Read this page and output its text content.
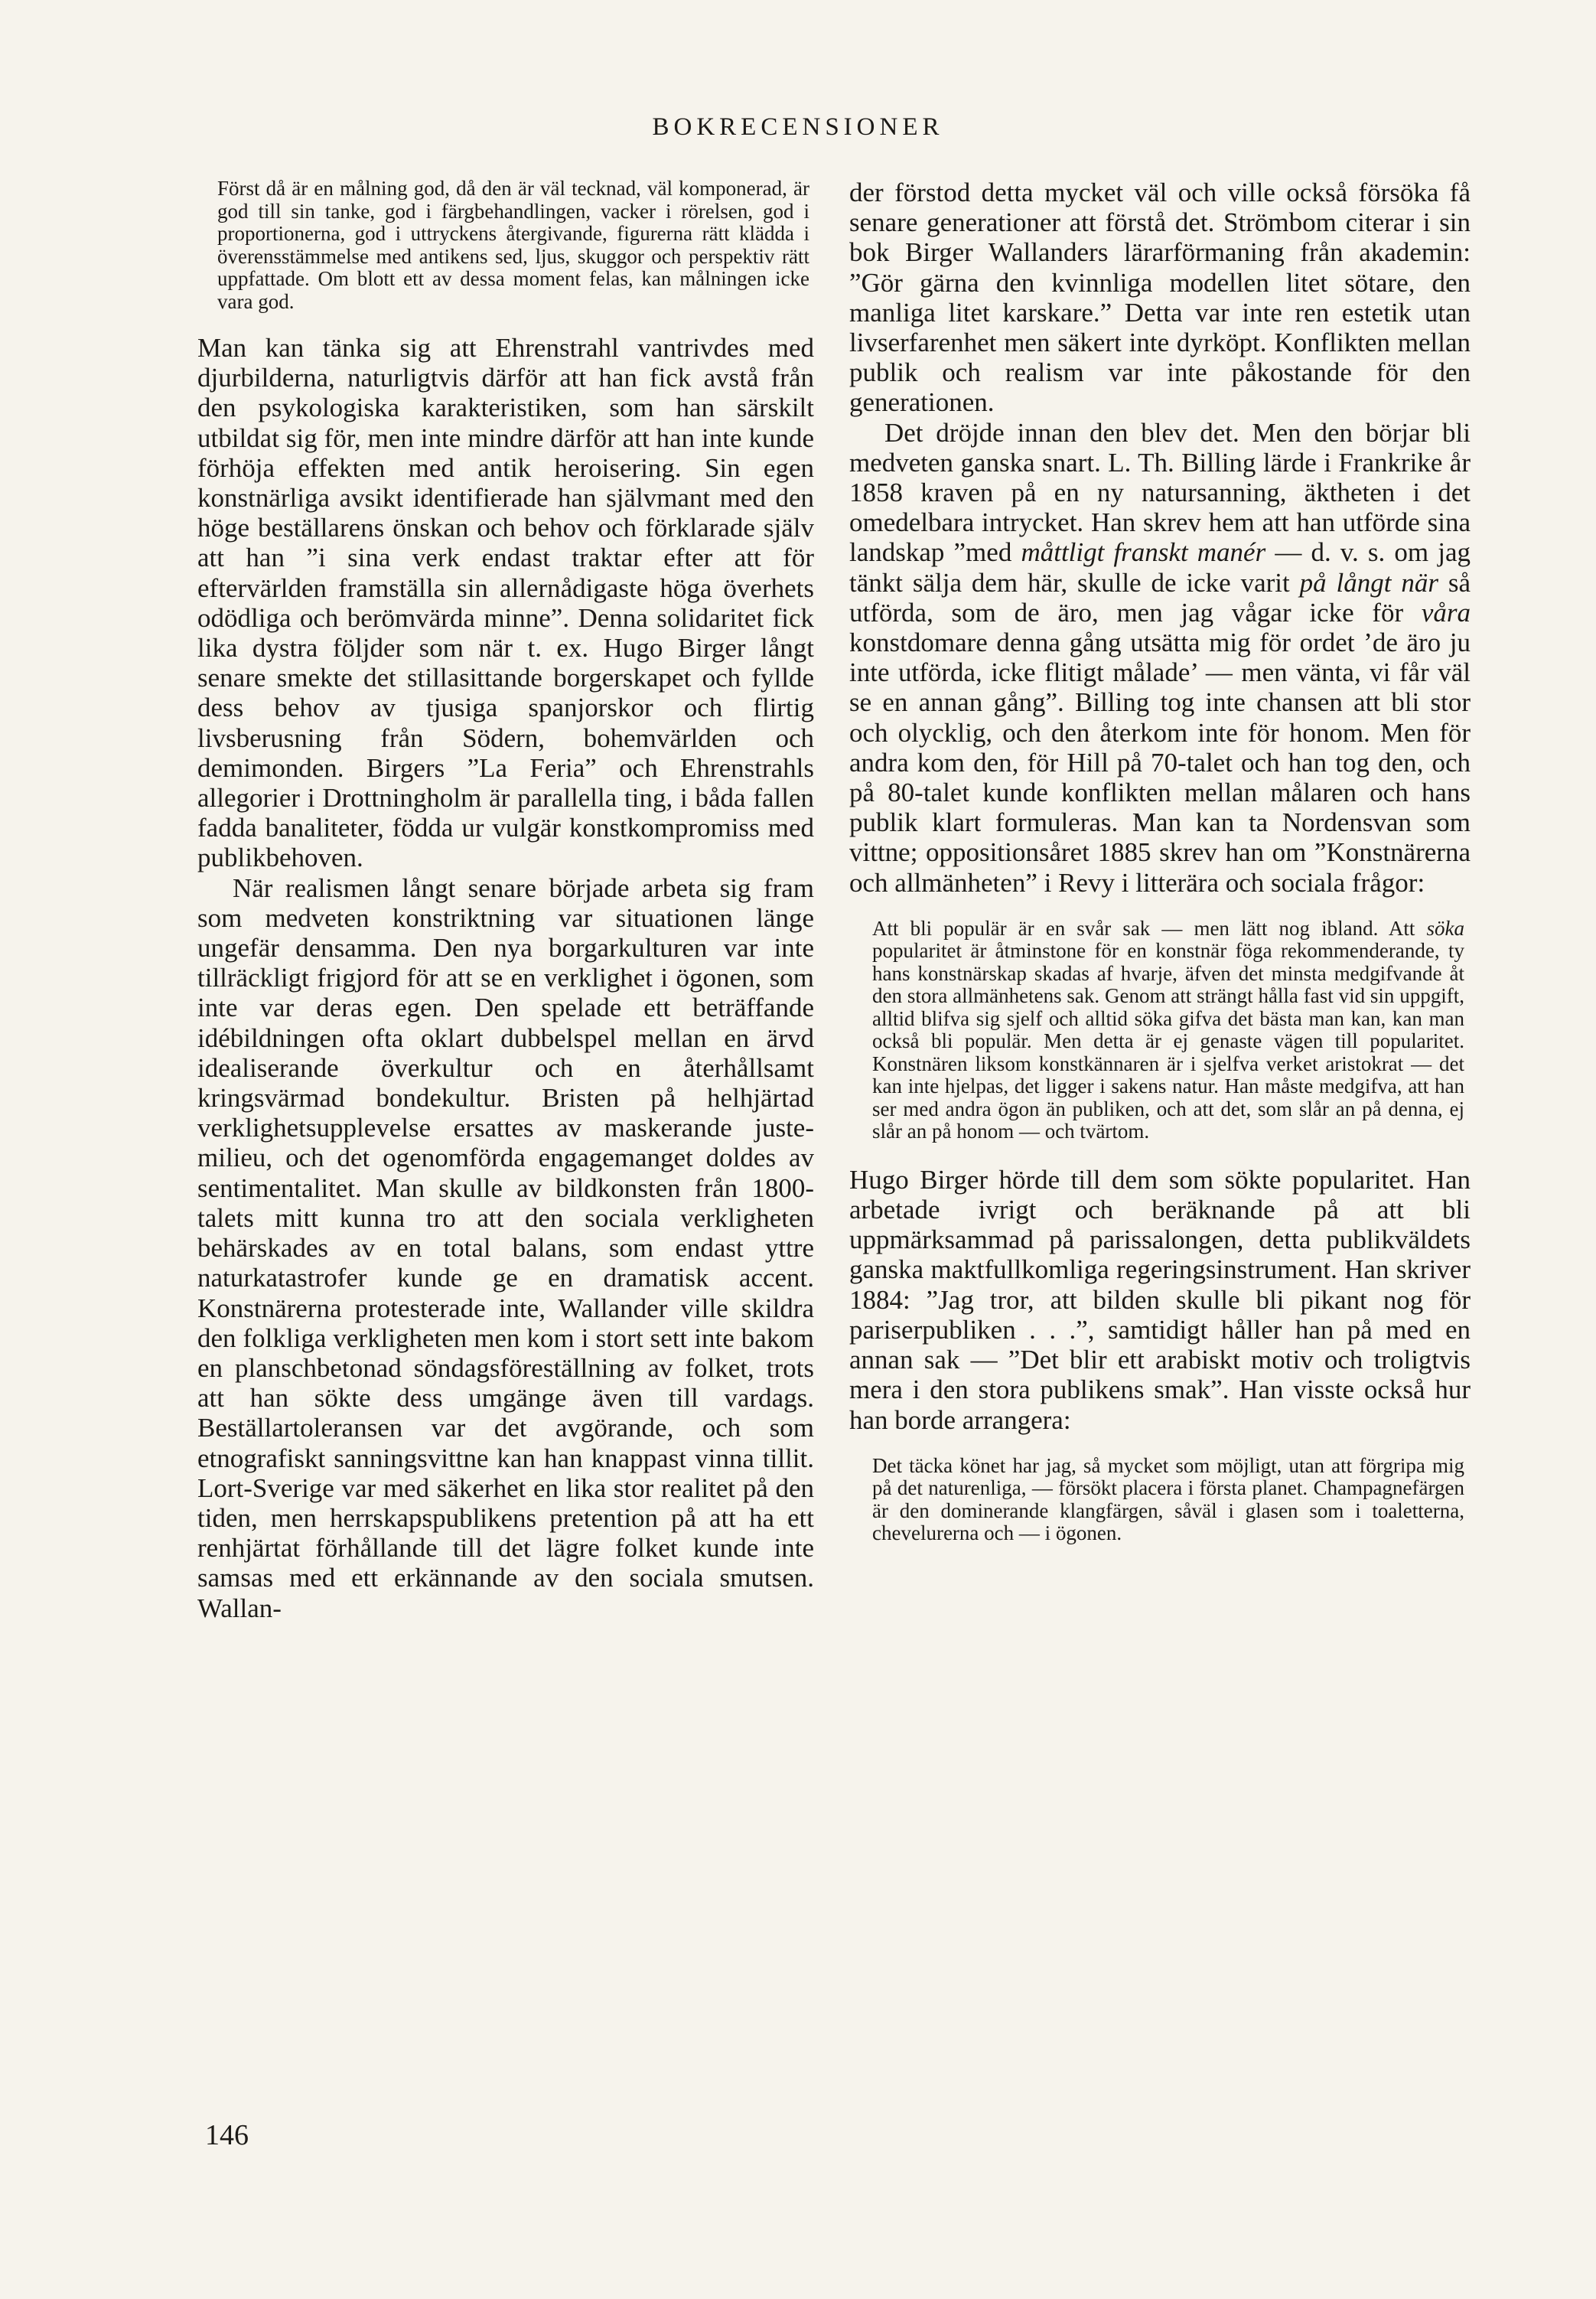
BOKRECENSIONER

Först då är en målning god, då den är väl tecknad, väl komponerad, är god till sin tanke, god i färgbehandlingen, vacker i rörelsen, god i proportionerna, god i uttryckens återgivande, figurerna rätt klädda i överensstämmelse med antikens sed, ljus, skuggor och perspektiv rätt uppfattade. Om blott ett av dessa moment felas, kan målningen icke vara god.

Man kan tänka sig att Ehrenstrahl vantrivdes med djurbilderna, naturligtvis därför att han fick avstå från den psykologiska karakteristiken, som han särskilt utbildat sig för, men inte mindre därför att han inte kunde förhöja effekten med antik heroisering. Sin egen konstnärliga avsikt identifierade han självmant med den höge beställarens önskan och behov och förklarade själv att han ”i sina verk endast traktar efter att för eftervärlden framställa sin allernådigaste höga överhets odödliga och berömvärda minne”. Denna solidaritet fick lika dystra följder som när t. ex. Hugo Birger långt senare smekte det stillasittande borgerskapet och fyllde dess behov av tjusiga spanjorskor och flirtig livsberusning från Södern, bohemvärlden och demimonden. Birgers ”La Feria” och Ehrenstrahls allegorier i Drottningholm är parallella ting, i båda fallen fadda banaliteter, födda ur vulgär konstkompromiss med publikbehoven.

När realismen långt senare började arbeta sig fram som medveten konstriktning var situationen länge ungefär densamma. Den nya borgarkulturen var inte tillräckligt frigjord för att se en verklighet i ögonen, som inte var deras egen. Den spelade ett beträffande idébildningen ofta oklart dubbelspel mellan en ärvd idealiserande överkultur och en återhållsamt kringsvärmad bondekultur. Bristen på helhjärtad verklighetsupplevelse ersattes av maskerande juste-milieu, och det ogenomförda engagemanget doldes av sentimentalitet. Man skulle av bildkonsten från 1800-talets mitt kunna tro att den sociala verkligheten behärskades av en total balans, som endast yttre naturkatastrofer kunde ge en dramatisk accent. Konstnärerna protesterade inte, Wallander ville skildra den folkliga verkligheten men kom i stort sett inte bakom en planschbetonad söndagsföreställning av folket, trots att han sökte dess umgänge även till vardags. Beställartoleransen var det avgörande, och som etnografiskt sanningsvittne kan han knappast vinna tillit. Lort-Sverige var med säkerhet en lika stor realitet på den tiden, men herrskapspublikens pretention på att ha ett renhjärtat förhållande till det lägre folket kunde inte samsas med ett erkännande av den sociala smutsen. Wallan-

der förstod detta mycket väl och ville också försöka få senare generationer att förstå det. Strömbom citerar i sin bok Birger Wallanders lärarförmaning från akademin: ”Gör gärna den kvinnliga modellen litet sötare, den manliga litet karskare.” Detta var inte ren estetik utan livserfarenhet men säkert inte dyrköpt. Konflikten mellan publik och realism var inte påkostande för den generationen.

Det dröjde innan den blev det. Men den börjar bli medveten ganska snart. L. Th. Billing lärde i Frankrike år 1858 kraven på en ny natursanning, äktheten i det omedelbara intrycket. Han skrev hem att han utförde sina landskap ”med måttligt franskt manér — d. v. s. om jag tänkt sälja dem här, skulle de icke varit på långt när så utförda, som de äro, men jag vågar icke för våra konstdomare denna gång utsätta mig för ordet ’de äro ju inte utförda, icke flitigt målade’ — men vänta, vi får väl se en annan gång”. Billing tog inte chansen att bli stor och olycklig, och den återkom inte för honom. Men för andra kom den, för Hill på 70-talet och han tog den, och på 80-talet kunde konflikten mellan målaren och hans publik klart formuleras. Man kan ta Nordensvan som vittne; oppositionsåret 1885 skrev han om ”Konstnärerna och allmänheten” i Revy i litterära och sociala frågor:

Att bli populär är en svår sak — men lätt nog ibland. Att söka popularitet är åtminstone för en konstnär föga rekommenderande, ty hans konstnärskap skadas af hvarje, äfven det minsta medgifvande åt den stora allmänhetens sak. Genom att strängt hålla fast vid sin uppgift, alltid blifva sig sjelf och alltid söka gifva det bästa man kan, kan man också bli populär. Men detta är ej genaste vägen till popularitet. Konstnären liksom konstkännaren är i sjelfva verket aristokrat — det kan inte hjelpas, det ligger i sakens natur. Han måste medgifva, att han ser med andra ögon än publiken, och att det, som slår an på denna, ej slår an på honom — och tvärtom.

Hugo Birger hörde till dem som sökte popularitet. Han arbetade ivrigt och beräknande på att bli uppmärksammad på parissalongen, detta publikväldets ganska maktfullkomliga regeringsinstrument. Han skriver 1884: ”Jag tror, att bilden skulle bli pikant nog för pariserpubliken . . .”, samtidigt håller han på med en annan sak — ”Det blir ett arabiskt motiv och troligtvis mera i den stora publikens smak”. Han visste också hur han borde arrangera:

Det täcka könet har jag, så mycket som möjligt, utan att förgripa mig på det naturenliga, — försökt placera i första planet. Champagnefärgen är den dominerande klangfärgen, såväl i glasen som i toaletterna, chevelurerna och — i ögonen.

146
